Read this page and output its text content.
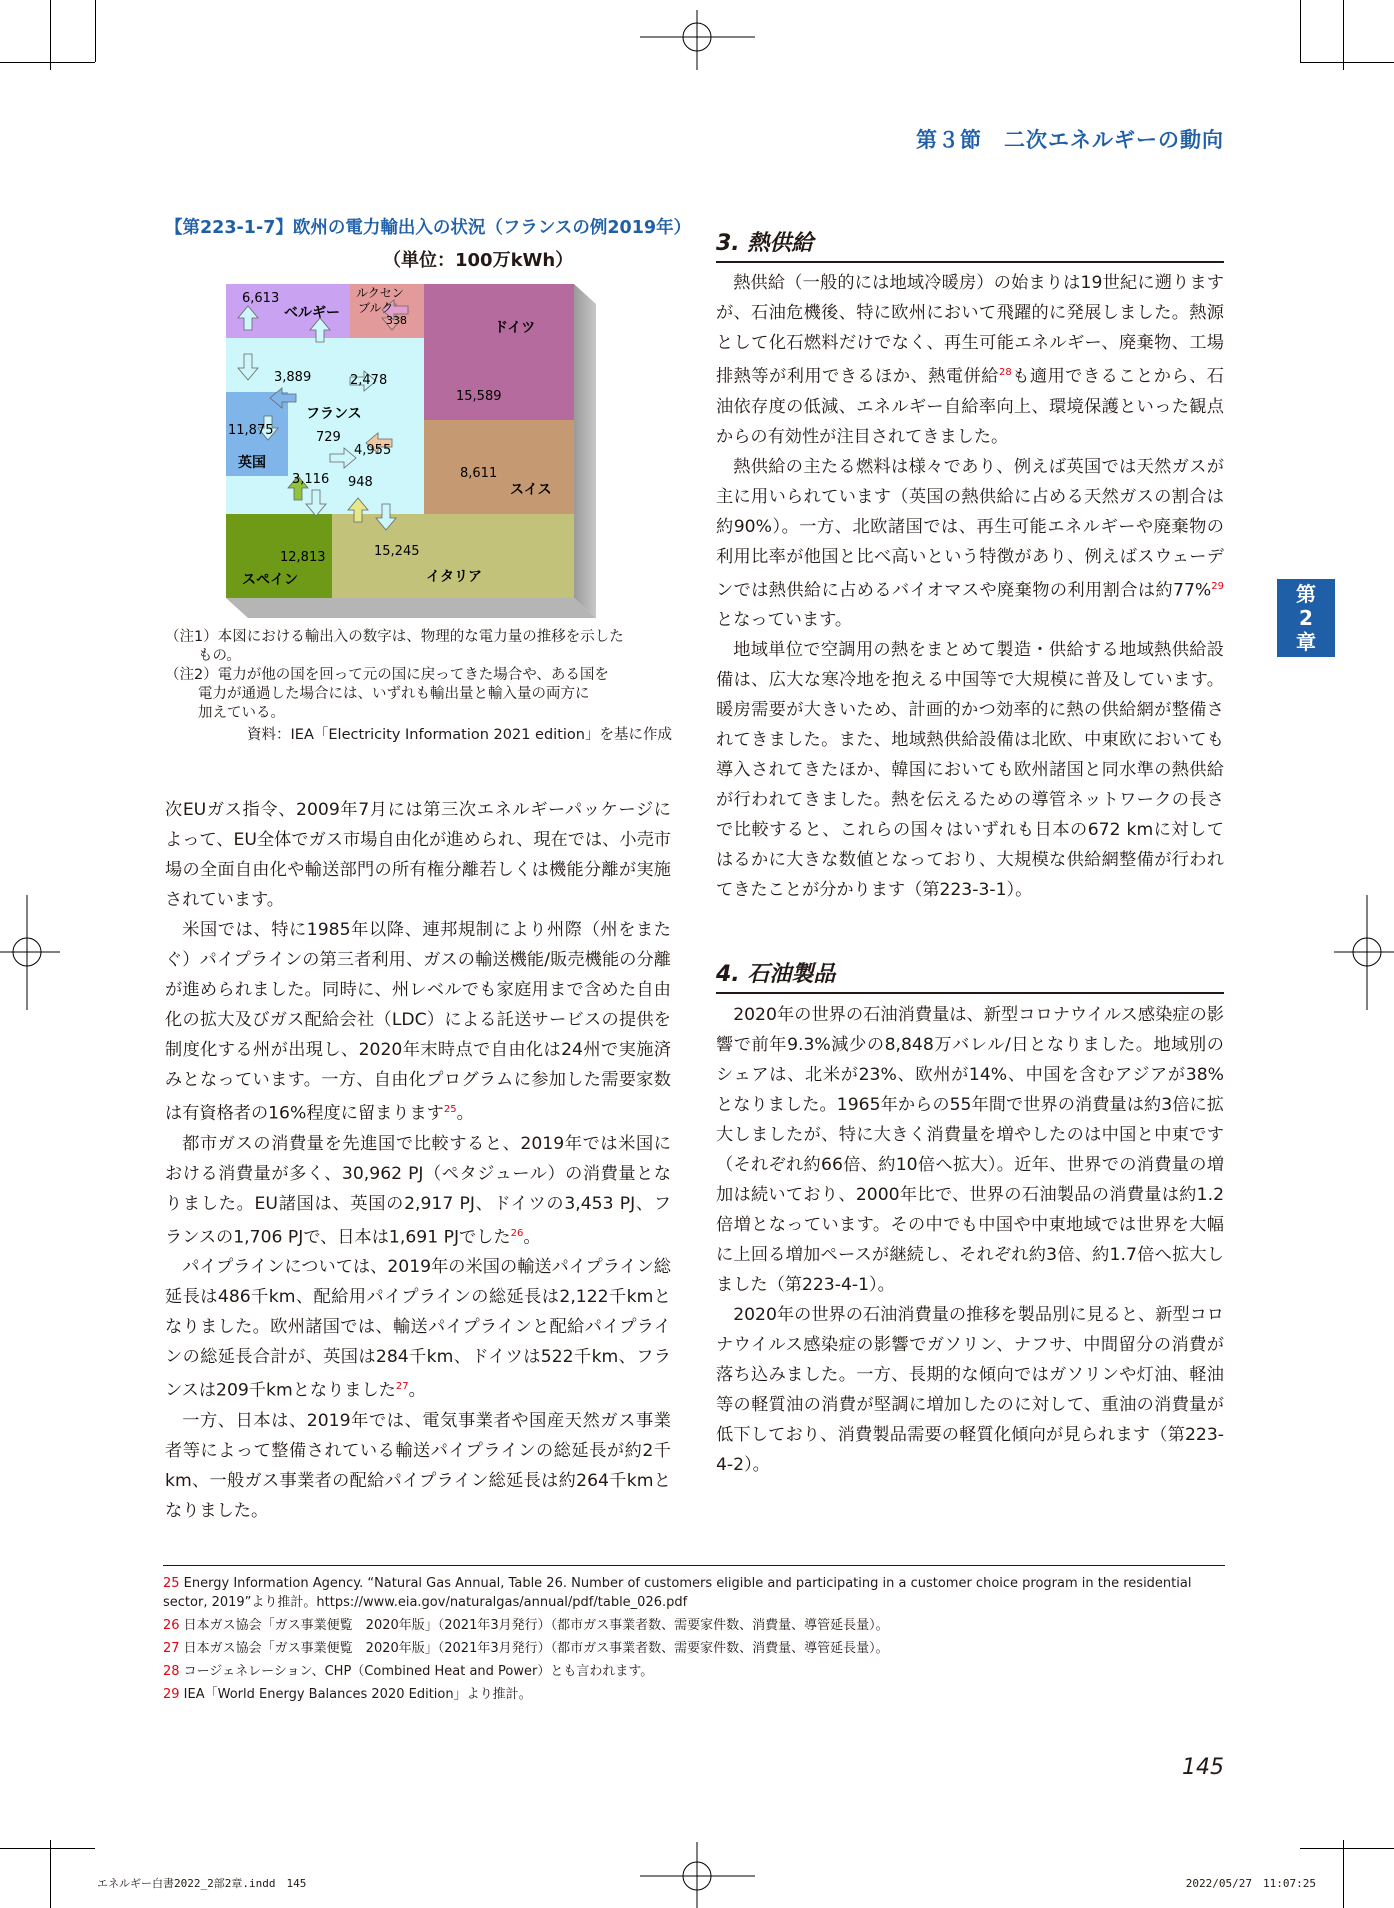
第３節　二次エネルギーの動向
第
2
章
【第223-1-7】欧州の電力輸出入の状況（フランスの例2019年）
（単位：100万kWh）
6,613
ベルギー
ルクセン
ブルク
338	ドイツ
3,889	2,478
15,589
フランス
11,875	729
4,955
英国
8,611
3,116 948	スイス
12,813	15,245
スペイン	イタリア
（注1）本図における輸出入の数字は、物理的な電力量の推移を示した
もの。
（注2）電力が他の国を回って元の国に戻ってきた場合や、ある国を
電力が通過した場合には、いずれも輸出量と輸入量の両方に
加えている。
資料：IEA「Electricity Information 2021 edition」を基に作成

次EUガス指令、2009年7月には第三次エネルギーパッケージによって、EU全体でガス市場自由化が進められ、現在では、小売市場の全面自由化や輸送部門の所有権分離若しくは機能分離が実施されています。

米国では、特に1985年以降、連邦規制により州際（州をまたぐ）パイプラインの第三者利用、ガスの輸送機能/販売機能の分離が進められました。同時に、州レベルでも家庭用まで含めた自由化の拡大及びガス配給会社（LDC）による託送サービスの提供を制度化する州が出現し、2020年末時点で自由化は24州で実施済みとなっています。一方、自由化プログラムに参加した需要家数は有資格者の16%程度に留まります$^{25}$。

都市ガスの消費量を先進国で比較すると、2019年では米国における消費量が多く、30,962 PJ（ペタジュール）の消費量となりました。EU諸国は、英国の2,917 PJ、ドイツの3,453 PJ、フランスの1,706 PJで、日本は1,691 PJでした$^{26}$。

パイプラインについては、2019年の米国の輸送パイプライン総延長は486千km、配給用パイプラインの総延長は2,122千kmとなりました。欧州諸国では、輸送パイプラインと配給パイプラインの総延長合計が、英国は284千km、ドイツは522千km、フランスは209千kmとなりました$^{27}$。

一方、日本は、2019年では、電気事業者や国産天然ガス事業者等によって整備されている輸送パイプラインの総延長が約2千km、一般ガス事業者の配給パイプライン総延長は約264千kmとなりました。

3. 熱供給

熱供給（一般的には地域冷暖房）の始まりは19世紀に遡りますが、石油危機後、特に欧州において飛躍的に発展しました。熱源として化石燃料だけでなく、再生可能エネルギー、廃棄物、工場排熱等が利用できるほか、熱電併給$^{28}$も適用できることから、石油依存度の低減、エネルギー自給率向上、環境保護といった観点からの有効性が注目されてきました。

熱供給の主たる燃料は様々であり、例えば英国では天然ガスが主に用いられています（英国の熱供給に占める天然ガスの割合は約90%）。一方、北欧諸国では、再生可能エネルギーや廃棄物の利用比率が他国と比べ高いという特徴があり、例えばスウェーデンでは熱供給に占めるバイオマスや廃棄物の利用割合は約77%$^{29}$となっています。

地域単位で空調用の熱をまとめて製造・供給する地域熱供給設備は、広大な寒冷地を抱える中国等で大規模に普及しています。暖房需要が大きいため、計画的かつ効率的に熱の供給網が整備されてきました。また、地域熱供給設備は北欧、中東欧においても導入されてきたほか、韓国においても欧州諸国と同水準の熱供給が行われてきました。熱を伝えるための導管ネットワークの長さで比較すると、これらの国々はいずれも日本の672 kmに対してはるかに大きな数値となっており、大規模な供給網整備が行われてきたことが分かります（第223-3-1）。

4. 石油製品

2020年の世界の石油消費量は、新型コロナウイルス感染症の影響で前年9.3%減少の8,848万バレル/日となりました。地域別のシェアは、北米が23%、欧州が14%、中国を含むアジアが38%となりました。1965年からの55年間で世界の消費量は約3倍に拡大しましたが、特に大きく消費量を増やしたのは中国と中東です（それぞれ約66倍、約10倍へ拡大）。近年、世界での消費量の増加は続いており、2000年比で、世界の石油製品の消費量は約1.2倍増となっています。その中でも中国や中東地域では世界を大幅に上回る増加ペースが継続し、それぞれ約3倍、約1.7倍へ拡大しました（第223-4-1）。

2020年の世界の石油消費量の推移を製品別に見ると、新型コロナウイルス感染症の影響でガソリン、ナフサ、中間留分の消費が落ち込みました。一方、長期的な傾向ではガソリンや灯油、軽油等の軽質油の消費が堅調に増加したのに対して、重油の消費量が低下しており、消費製品需要の軽質化傾向が見られます（第223-4-2）。

25 Energy Information Agency. “Natural Gas Annual, Table 26. Number of customers eligible and participating in a customer choice program in the residential sector, 2019”より推計。https://www.eia.gov/naturalgas/annual/pdf/table_026.pdf
26 日本ガス協会「ガス事業便覧　2020年版」（2021年3月発行）（都市ガス事業者数、需要家件数、消費量、導管延長量）。
27 日本ガス協会「ガス事業便覧　2020年版」（2021年3月発行）（都市ガス事業者数、需要家件数、消費量、導管延長量）。
28 コージェネレーション、CHP（Combined Heat and Power）とも言われます。
29 IEA「World Energy Balances 2020 Edition」より推計。
145
エネルギー白書2022_2部2章.indd　145	2022/05/27　11:07:25
